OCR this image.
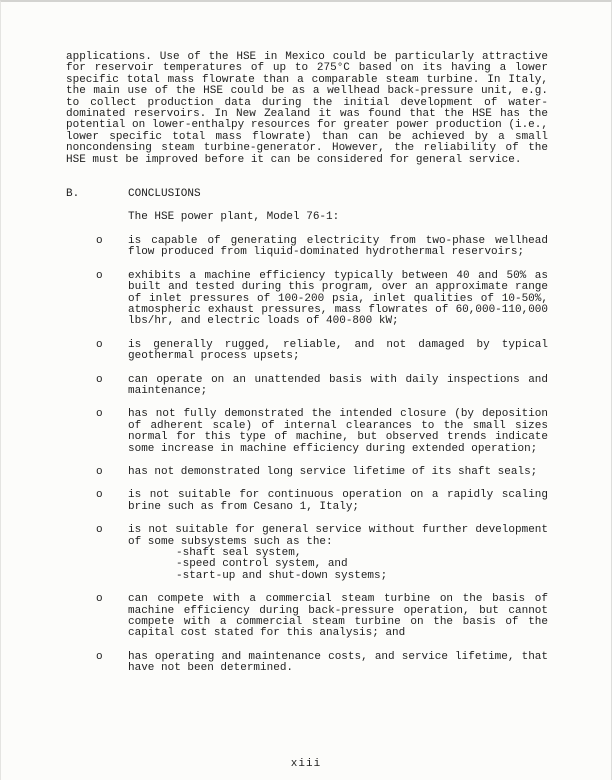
applications. Use of the HSE in Mexico could be particularly attractive for reservoir temperatures of up to 275°C based on its having a lower specific total mass flowrate than a comparable steam turbine. In Italy, the main use of the HSE could be as a wellhead back-pressure unit, e.g. to collect production data during the initial development of water-dominated reservoirs. In New Zealand it was found that the HSE has the potential on lower-enthalpy resources for greater power production (i.e., lower specific total mass flowrate) than can be achieved by a small noncondensing steam turbine-generator. However, the reliability of the HSE must be improved before it can be considered for general service.
B.	CONCLUSIONS
The HSE power plant, Model 76-1:
o	is capable of generating electricity from two-phase wellhead flow produced from liquid-dominated hydrothermal reservoirs;
o	exhibits a machine efficiency typically between 40 and 50% as built and tested during this program, over an approximate range of inlet pressures of 100-200 psia, inlet qualities of 10-50%, atmospheric exhaust pressures, mass flowrates of 60,000-110,000 lbs/hr, and electric loads of 400-800 kW;
o	is generally rugged, reliable, and not damaged by typical geothermal process upsets;
o	can operate on an unattended basis with daily inspections and maintenance;
o	has not fully demonstrated the intended closure (by deposition of adherent scale) of internal clearances to the small sizes normal for this type of machine, but observed trends indicate some increase in machine efficiency during extended operation;
o	has not demonstrated long service lifetime of its shaft seals;
o	is not suitable for continuous operation on a rapidly scaling brine such as from Cesano 1, Italy;
o	is not suitable for general service without further development of some subsystems such as the:
-shaft seal system,
-speed control system, and
-start-up and shut-down systems;
o	can compete with a commercial steam turbine on the basis of machine efficiency during back-pressure operation, but cannot compete with a commercial steam turbine on the basis of the capital cost stated for this analysis; and
o	has operating and maintenance costs, and service lifetime, that have not been determined.
xiii
